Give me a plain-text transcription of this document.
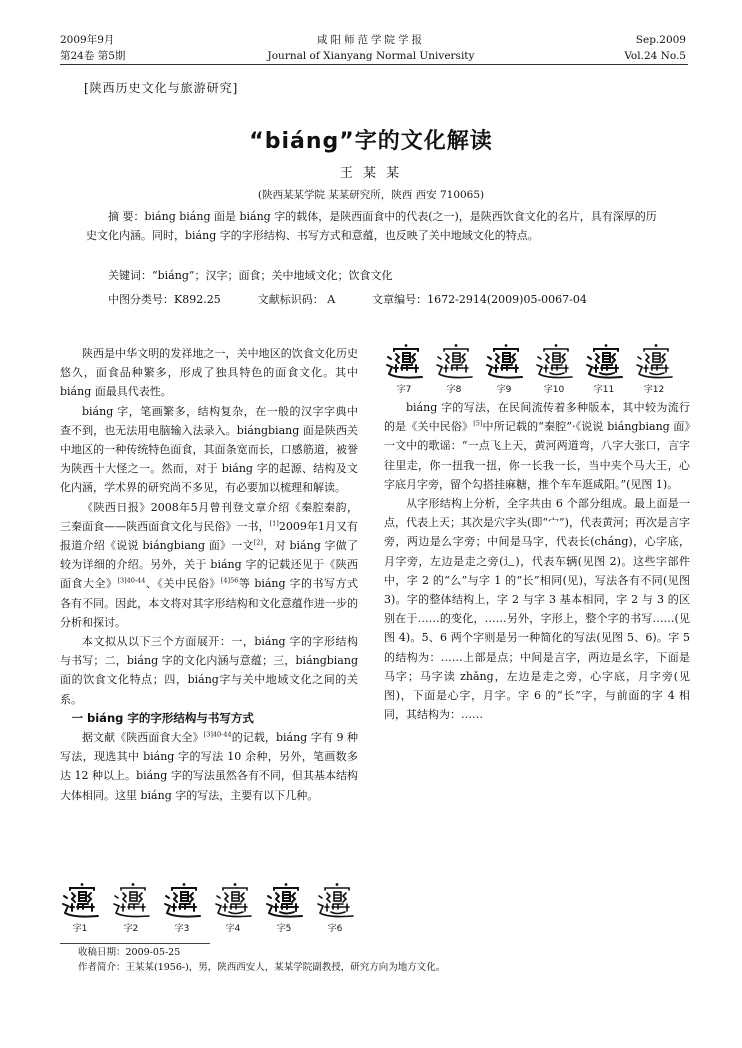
2009年9月
第24卷 第5期
咸阳师范学院学报
Journal of Xianyang Normal University
Sep.2009
Vol.24 No.5
[陕西历史文化与旅游研究]
“biáng”字的文化解读
王 某 某
(陕西某某学院 某某研究所，陕西 西安 710065)
摘 要：biáng biáng 面是 biáng 字的载体，是陕西面食中的代表(之一)，是陕西饮食文化的名片，具有深厚的历史文化内涵。同时，biáng 字的字形结构、书写方式和意蕴，也反映了关中地域文化的特点。
关键词：“biáng”；汉字；面食；关中地域文化；饮食文化
中图分类号：K892.25	文献标识码： A	文章编号：1672-2914(2009)05-0067-04

陕西是中华文明的发祥地之一，关中地区的饮食文化历史悠久，面食品种繁多，形成了独具特色的面食文化。其中 biáng 面最具代表性。

biáng 字，笔画繁多，结构复杂，在一般的汉字字典中查不到，也无法用电脑输入法录入。biángbiang 面是陕西关中地区的一种传统特色面食，其面条宽而长，口感筋道，被誉为陕西十大怪之一。然而，对于 biáng 字的起源、结构及文化内涵，学术界的研究尚不多见，有必要加以梳理和解读。

《陕西日报》2008年5月曾刊登文章介绍《秦腔秦韵，三秦面食——陕西面食文化与民俗》一书，[1]2009年1月又有报道介绍《说说 biángbiang 面》一文[2]，对 biáng 字做了较为详细的介绍。另外，关于 biáng 字的记载还见于《陕西面食大全》$^{[3]40-44}$、《关中民俗》$^{[4]56}$等 biáng 字的书写方式各有不同。因此，本文将对其字形结构和文化意蕴作进一步的分析和探讨。

本文拟从以下三个方面展开：一，biáng 字的字形结构与书写；二，biáng 字的文化内涵与意蕴；三，biángbiang 面的饮食文化特点；四，biáng字与关中地域文化之间的关系。

一 biáng 字的字形结构与书写方式

据文献《陕西面食大全》$^{[3]40-44}$的记载，biáng 字有 9 种写法，现选其中 biáng 字的写法 10 余种，另外，笔画数多达 12 种以上。biáng 字的写法虽然各有不同，但其基本结构大体相同。这里 biáng 字的写法，主要有以下几种。

字1	字2	字3	字4	字5	字6
字7	字8	字9	字10	字11	字12

biáng 字的写法，在民间流传着多种版本，其中较为流行的是《关中民俗》[5]中所记载的“秦腔”·《说说 biángbiang 面》一文中的歌谣：“一点飞上天，黄河两道弯，八字大张口，言字往里走，你一扭我一扭，你一长我一长，当中夹个马大王，心字底月字旁，留个勾搭挂麻糖，推个车车逛咸阳。”(见图 1)。

从字形结构上分析，全字共由 6 个部分组成。最上面是一点，代表上天；其次是穴字头(即“宀”)，代表黄河；再次是言字旁，两边是么字旁；中间是马字，代表长(cháng)，心字底，月字旁，左边是走之旁(辶)，代表车辆(见图 2)。这些字部件中，字 2 的“么”与字 1 的“长”相同(见)，写法各有不同(见图 3)。字的整体结构上，字 2 与字 3 基本相同，字 2 与 3 的区别在于……的变化，……另外，字形上，整个字的书写……(见图 4)。5、6 两个字则是另一种简化的写法(见图 5、6)。字 5 的结构为：……上部是点；中间是言字，两边是幺字，下面是马字；马字读 zhǎng，左边是走之旁，心字底，月字旁(见图)，下面是心字，月字。字 6 的“长”字，与前面的字 4 相同，其结构为：……

收稿日期：2009-05-25
作者简介：王某某(1956-)，男，陕西西安人，某某学院副教授，研究方向为地方文化。
